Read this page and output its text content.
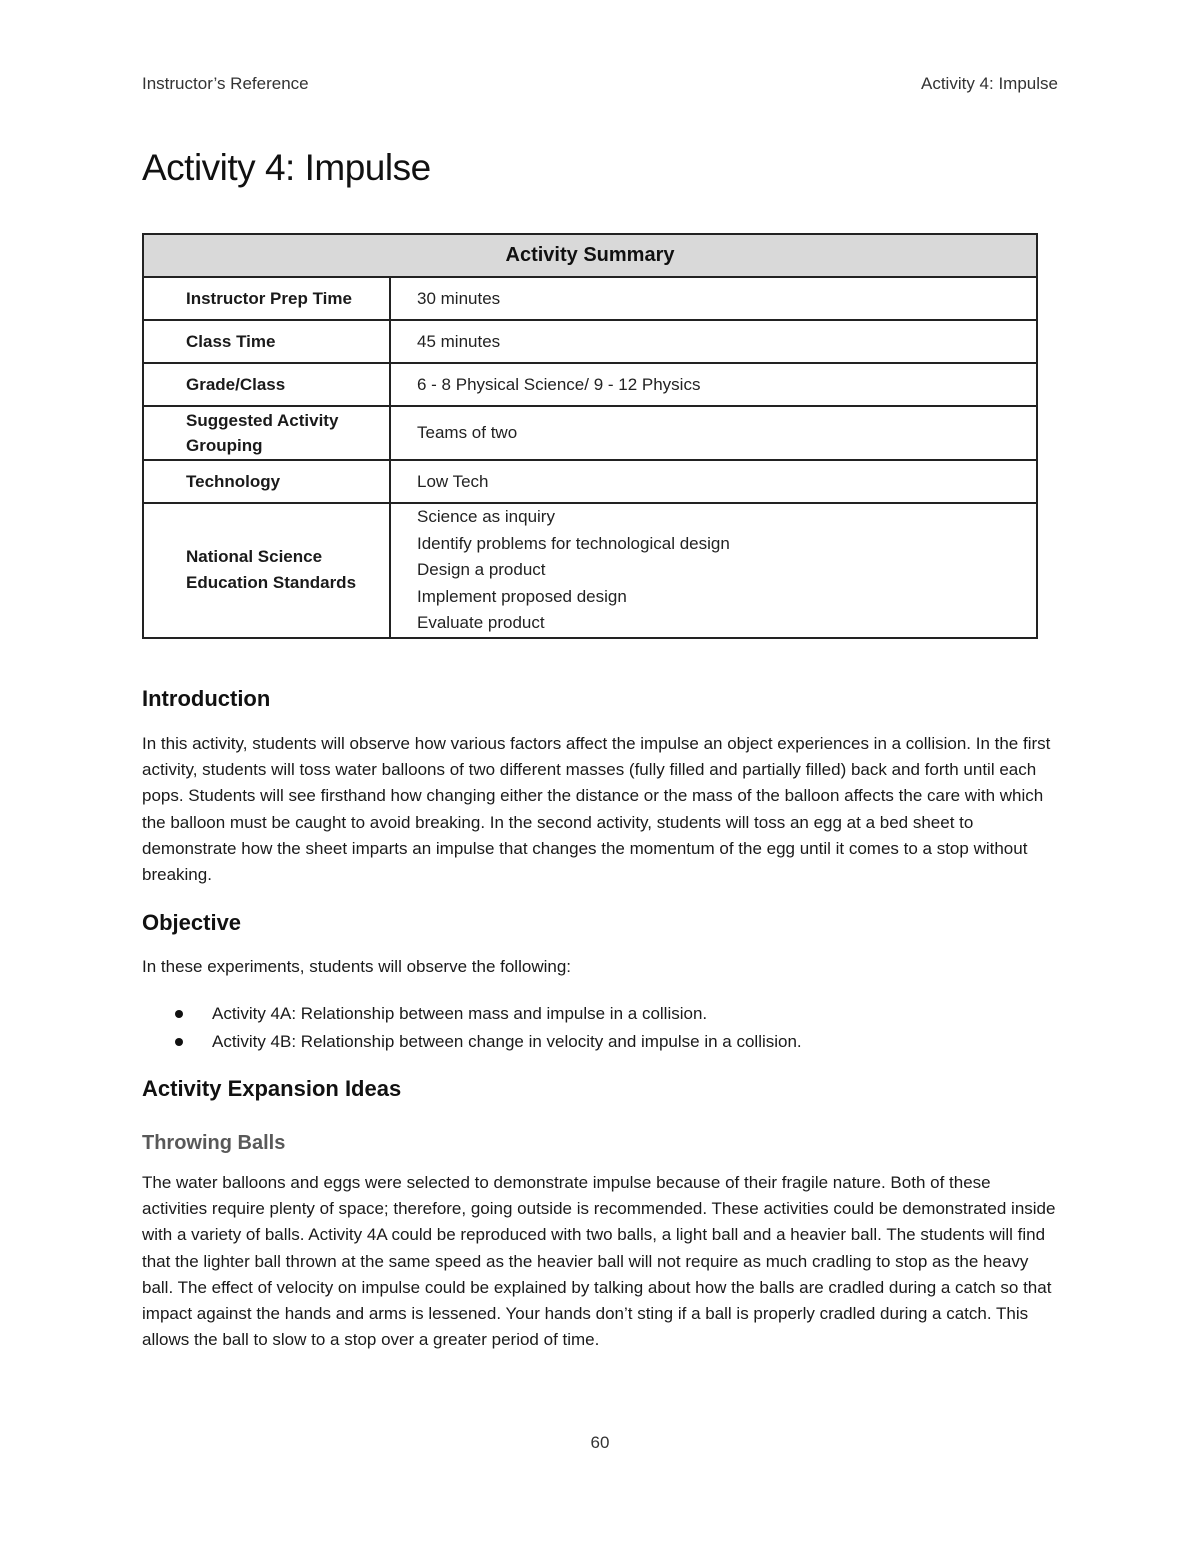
Instructor’s Reference	Activity 4: Impulse
Activity 4: Impulse
Activity Summary	
Instructor Prep Time	30 minutes
Class Time	45 minutes
Grade/Class	6 - 8 Physical Science/ 9 - 12 Physics
Suggested Activity Grouping	Teams of two
Technology	Low Tech
National Science Education Standards	Science as inquiry
Identify problems for technological design
Design a product
Implement proposed design
Evaluate product
Introduction

In this activity, students will observe how various factors affect the impulse an object experiences in a collision. In the first activity, students will toss water balloons of two different masses (fully filled and partially filled) back and forth until each pops. Students will see firsthand how changing either the distance or the mass of the balloon affects the care with which the balloon must be caught to avoid breaking. In the second activity, students will toss an egg at a bed sheet to demonstrate how the sheet imparts an impulse that changes the momentum of the egg until it comes to a stop without breaking.

Objective

In these experiments, students will observe the following:

Activity 4A: Relationship between mass and impulse in a collision.
Activity 4B: Relationship between change in velocity and impulse in a collision.
Activity Expansion Ideas
Throwing Balls

The water balloons and eggs were selected to demonstrate impulse because of their fragile nature. Both of these activities require plenty of space; therefore, going outside is recommended. These activities could be demonstrated inside with a variety of balls. Activity 4A could be reproduced with two balls, a light ball and a heavier ball. The students will find that the lighter ball thrown at the same speed as the heavier ball will not require as much cradling to stop as the heavy ball. The effect of velocity on impulse could be explained by talking about how the balls are cradled during a catch so that impact against the hands and arms is lessened. Your hands don’t sting if a ball is properly cradled during a catch. This allows the ball to slow to a stop over a greater period of time.

60
